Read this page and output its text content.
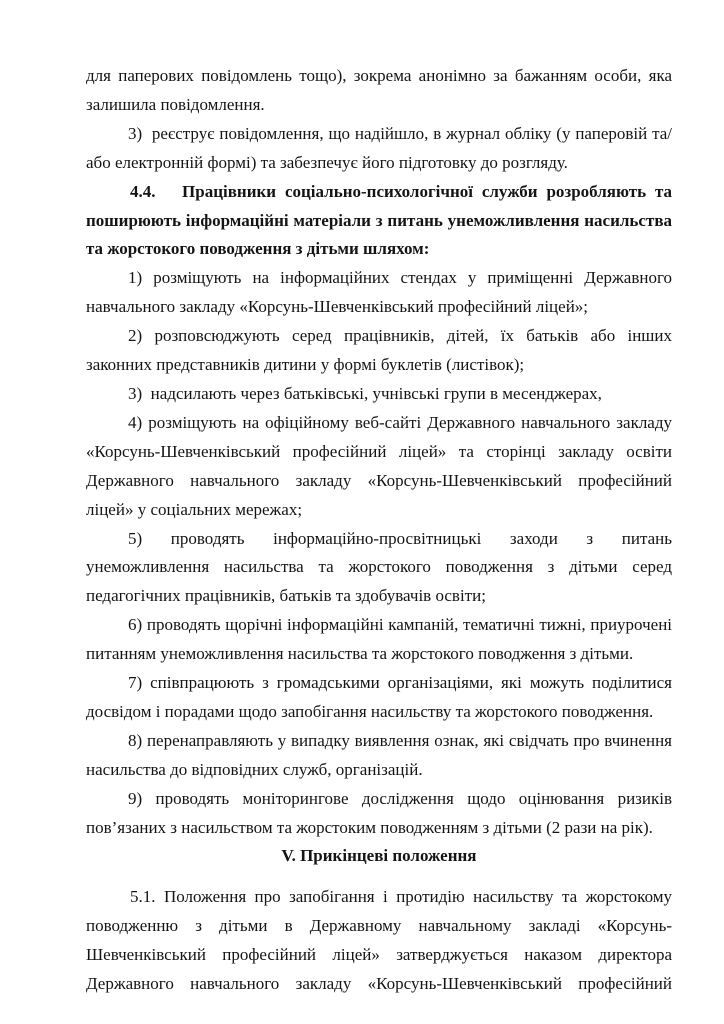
для паперових повідомлень тощо), зокрема анонімно за бажанням особи, яка залишила повідомлення.

3) реєструє повідомлення, що надійшло, в журнал обліку (у паперовій та/або електронній формі) та забезпечує його підготовку до розгляду.

4.4. Працівники соціально-психологічної служби розробляють та поширюють інформаційні матеріали з питань унеможливлення насильства та жорстокого поводження з дітьми шляхом:

1) розміщують на інформаційних стендах у приміщенні Державного навчального закладу «Корсунь-Шевченківський професійний ліцей»;

2) розповсюджують серед працівників, дітей, їх батьків або інших законних представників дитини у формі буклетів (листівок);

3) надсилають через батьківські, учнівські групи в месенджерах,

4) розміщують на офіційному веб-сайті Державного навчального закладу «Корсунь-Шевченківський професійний ліцей» та сторінці закладу освіти Державного навчального закладу «Корсунь-Шевченківський професійний ліцей» у соціальних мережах;

5) проводять інформаційно-просвітницькі заходи з питань унеможливлення насильства та жорстокого поводження з дітьми серед педагогічних працівників, батьків та здобувачів освіти;

6) проводять щорічні інформаційні кампаній, тематичні тижні, приурочені питанням унеможливлення насильства та жорстокого поводження з дітьми.

7) співпрацюють з громадськими організаціями, які можуть поділитися досвідом і порадами щодо запобігання насильству та жорстокого поводження.

8) перенаправляють у випадку виявлення ознак, які свідчать про вчинення насильства до відповідних служб, організацій.

9) проводять моніторингове дослідження щодо оцінювання ризиків пов’язаних з насильством та жорстоким поводженням з дітьми (2 рази на рік).

V. Прикінцеві положення

5.1. Положення про запобігання і протидію насильству та жорстокому поводженню з дітьми в Державному навчальному закладі «Корсунь-Шевченківський професійний ліцей» затверджується наказом директора Державного навчального закладу «Корсунь-Шевченківський професійний
